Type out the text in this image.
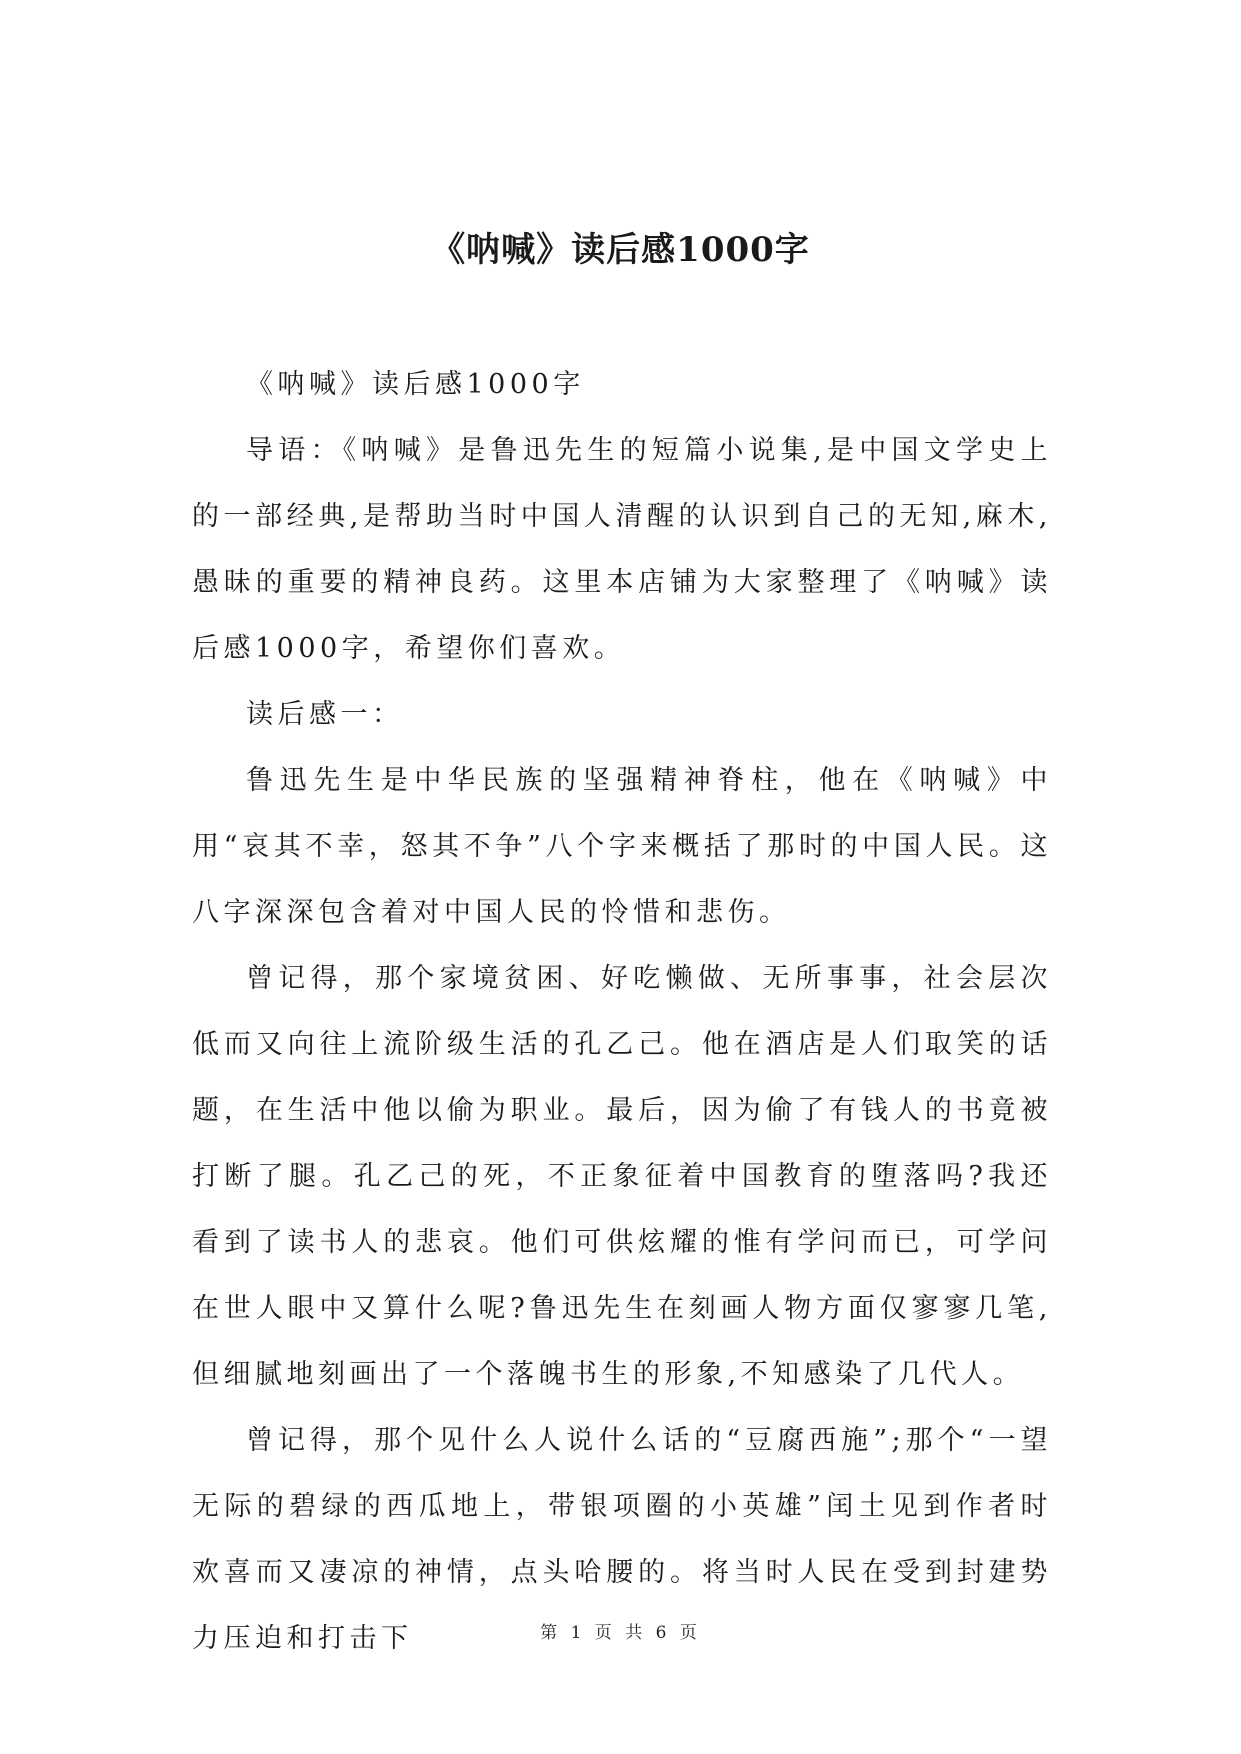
《呐喊》读后感1000字

《呐喊》读后感1000字

导语：《呐喊》是鲁迅先生的短篇小说集,是中国文学史上的一部经典,是帮助当时中国人清醒的认识到自己的无知,麻木,愚昧的重要的精神良药。这里本店铺为大家整理了《呐喊》读后感1000字，希望你们喜欢。

读后感一：

鲁迅先生是中华民族的坚强精神脊柱，他在《呐喊》中用“哀其不幸，怒其不争”八个字来概括了那时的中国人民。这八字深深包含着对中国人民的怜惜和悲伤。

曾记得，那个家境贫困、好吃懒做、无所事事，社会层次低而又向往上流阶级生活的孔乙己。他在酒店是人们取笑的话题，在生活中他以偷为职业。最后，因为偷了有钱人的书竟被打断了腿。孔乙己的死，不正象征着中国教育的堕落吗?我还看到了读书人的悲哀。他们可供炫耀的惟有学问而已，可学问在世人眼中又算什么呢?鲁迅先生在刻画人物方面仅寥寥几笔,但细腻地刻画出了一个落魄书生的形象,不知感染了几代人。

曾记得，那个见什么人说什么话的“豆腐西施”;那个“一望无际的碧绿的西瓜地上，带银项圈的小英雄”闰土见到作者时欢喜而又凄凉的神情，点头哈腰的。将当时人民在受到封建势力压迫和打击下	第 1 页 共 6 页
